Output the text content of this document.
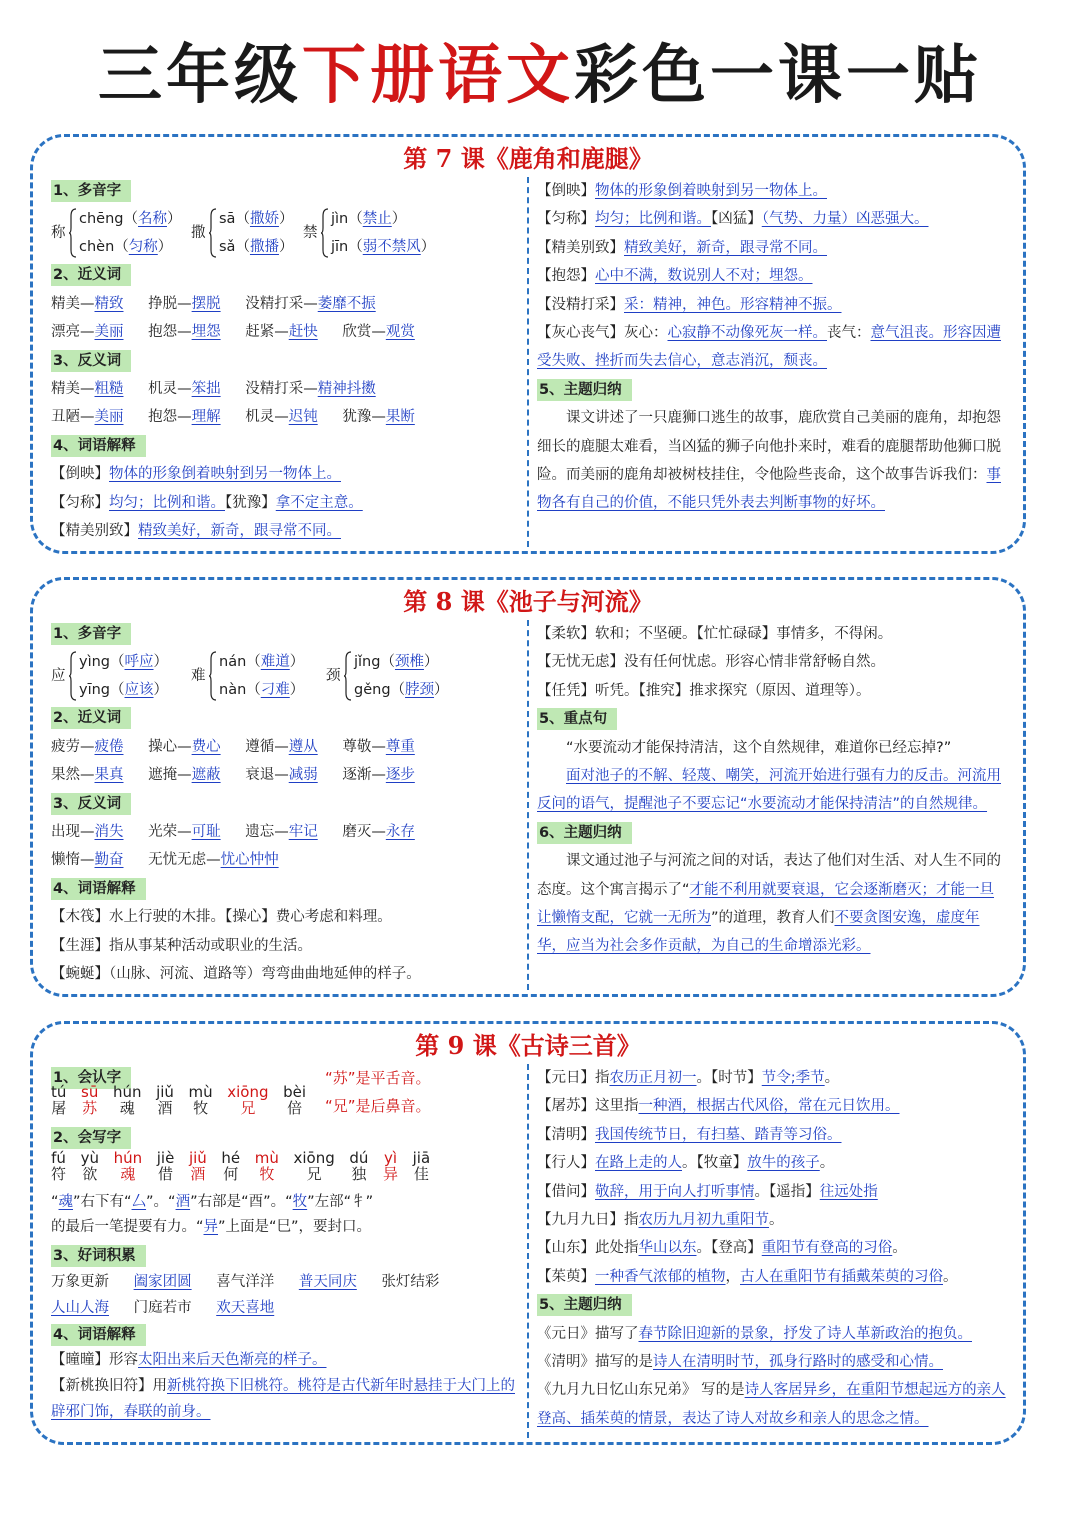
三年级下册语文彩色一课一贴
第 7 课《鹿角和鹿腿》
1、多音字
称
chēng（名称）
chèn（匀称）
撒
sā（撒娇）
sǎ（撒播）
禁
jìn（禁止）
jīn（弱不禁风）
2、近义词
精美—精致 挣脱—摆脱 没精打采—萎靡不振
漂亮—美丽 抱怨—埋怨 赶紧—赶快 欣赏—观赏
3、反义词
精美—粗糙 机灵—笨拙 没精打采—精神抖擞
丑陋—美丽 抱怨—理解 机灵—迟钝 犹豫—果断
4、词语解释
【倒映】物体的形象倒着映射到另一物体上。
【匀称】均匀；比例和谐。【犹豫】拿不定主意。
【精美别致】精致美好，新奇，跟寻常不同。
【倒映】物体的形象倒着映射到另一物体上。
【匀称】均匀；比例和谐。【凶猛】（气势、力量）凶恶强大。
【精美别致】精致美好，新奇，跟寻常不同。
【抱怨】心中不满，数说别人不对；埋怨。
【没精打采】采：精神，神色。形容精神不振。
【灰心丧气】灰心：心寂静不动像死灰一样。丧气：意气沮丧。形容因遭受失败、挫折而失去信心，意志消沉，颓丧。
5、主题归纳
课文讲述了一只鹿狮口逃生的故事，鹿欣赏自己美丽的鹿角，却抱怨细长的鹿腿太难看，当凶猛的狮子向他扑来时，难看的鹿腿帮助他狮口脱险。而美丽的鹿角却被树枝挂住，令他险些丧命，这个故事告诉我们：事物各有自己的价值，不能只凭外表去判断事物的好坏。
第 8 课《池子与河流》
1、多音字
应
yìng（呼应）
yīng（应该）
难
nán（难道）
nàn（刁难）
颈
jǐng（颈椎）
gěng（脖颈）
2、近义词
疲劳—疲倦 操心—费心 遵循—遵从 尊敬—尊重
果然—果真 遮掩—遮蔽 衰退—减弱 逐渐—逐步
3、反义词
出现—消失 光荣—可耻 遗忘—牢记 磨灭—永存
懒惰—勤奋 无忧无虑—忧心忡忡
4、词语解释
【木筏】水上行驶的木排。【操心】费心考虑和料理。
【生涯】指从事某种活动或职业的生活。
【蜿蜒】（山脉、河流、道路等）弯弯曲曲地延伸的样子。
【柔软】软和；不坚硬。【忙忙碌碌】事情多，不得闲。
【无忧无虑】没有任何忧虑。形容心情非常舒畅自然。
【任凭】听凭。【推究】推求探究（原因、道理等）。
5、重点句
“水要流动才能保持清洁，这个自然规律，难道你已经忘掉?”
面对池子的不解、轻蔑、嘲笑，河流开始进行强有力的反击。河流用反问的语气，提醒池子不要忘记“水要流动才能保持清洁”的自然规律。
6、主题归纳
课文通过池子与河流之间的对话，表达了他们对生活、对人生不同的态度。这个寓言揭示了“才能不利用就要衰退，它会逐渐磨灭；才能一旦让懒惰支配，它就一无所为”的道理，教育人们不要贪图安逸，虚度年华，应当为社会多作贡献，为自己的生命增添光彩。
第 9 课《古诗三首》
1、会认字
tú
屠

sū
苏

hún
魂

jiǔ
酒

mù
牧

xiōng
兄

bèi
倍
“苏”是平舌音。
“兄”是后鼻音。
2、会写字
fú
符

yù
欲

hún
魂

jiè
借

jiǔ
酒

hé
何

mù
牧

xiōng
兄

dú
独

yì
异

jiā
佳
“魂”右下有“厶”。“酒”右部是“酉”。“牧”左部“牜”
的最后一笔提要有力。“异”上面是“巳”，要封口。
3、好词积累
万象更新 阖家团圆 喜气洋洋 普天同庆 张灯结彩
人山人海 门庭若市 欢天喜地
4、词语解释
【曈曈】形容太阳出来后天色渐亮的样子。
【新桃换旧符】用新桃符换下旧桃符。桃符是古代新年时悬挂于大门上的辟邪门饰，春联的前身。
【元日】指农历正月初一。【时节】节令;季节。
【屠苏】这里指一种酒，根据古代风俗，常在元日饮用。
【清明】我国传统节日，有扫墓、踏青等习俗。
【行人】在路上走的人。【牧童】放牛的孩子。
【借问】敬辞，用于向人打听事情。【遥指】往远处指
【九月九日】指农历九月初九重阳节。
【山东】此处指华山以东。【登高】重阳节有登高的习俗。
【茱萸】一种香气浓郁的植物，古人在重阳节有插戴茱萸的习俗。
5、主题归纳
《元日》描写了春节除旧迎新的景象，抒发了诗人革新政治的抱负。
《清明》描写的是诗人在清明时节，孤身行路时的感受和心情。
《九月九日忆山东兄弟》 写的是诗人客居异乡，在重阳节想起远方的亲人登高、插茱萸的情景，表达了诗人对故乡和亲人的思念之情。
